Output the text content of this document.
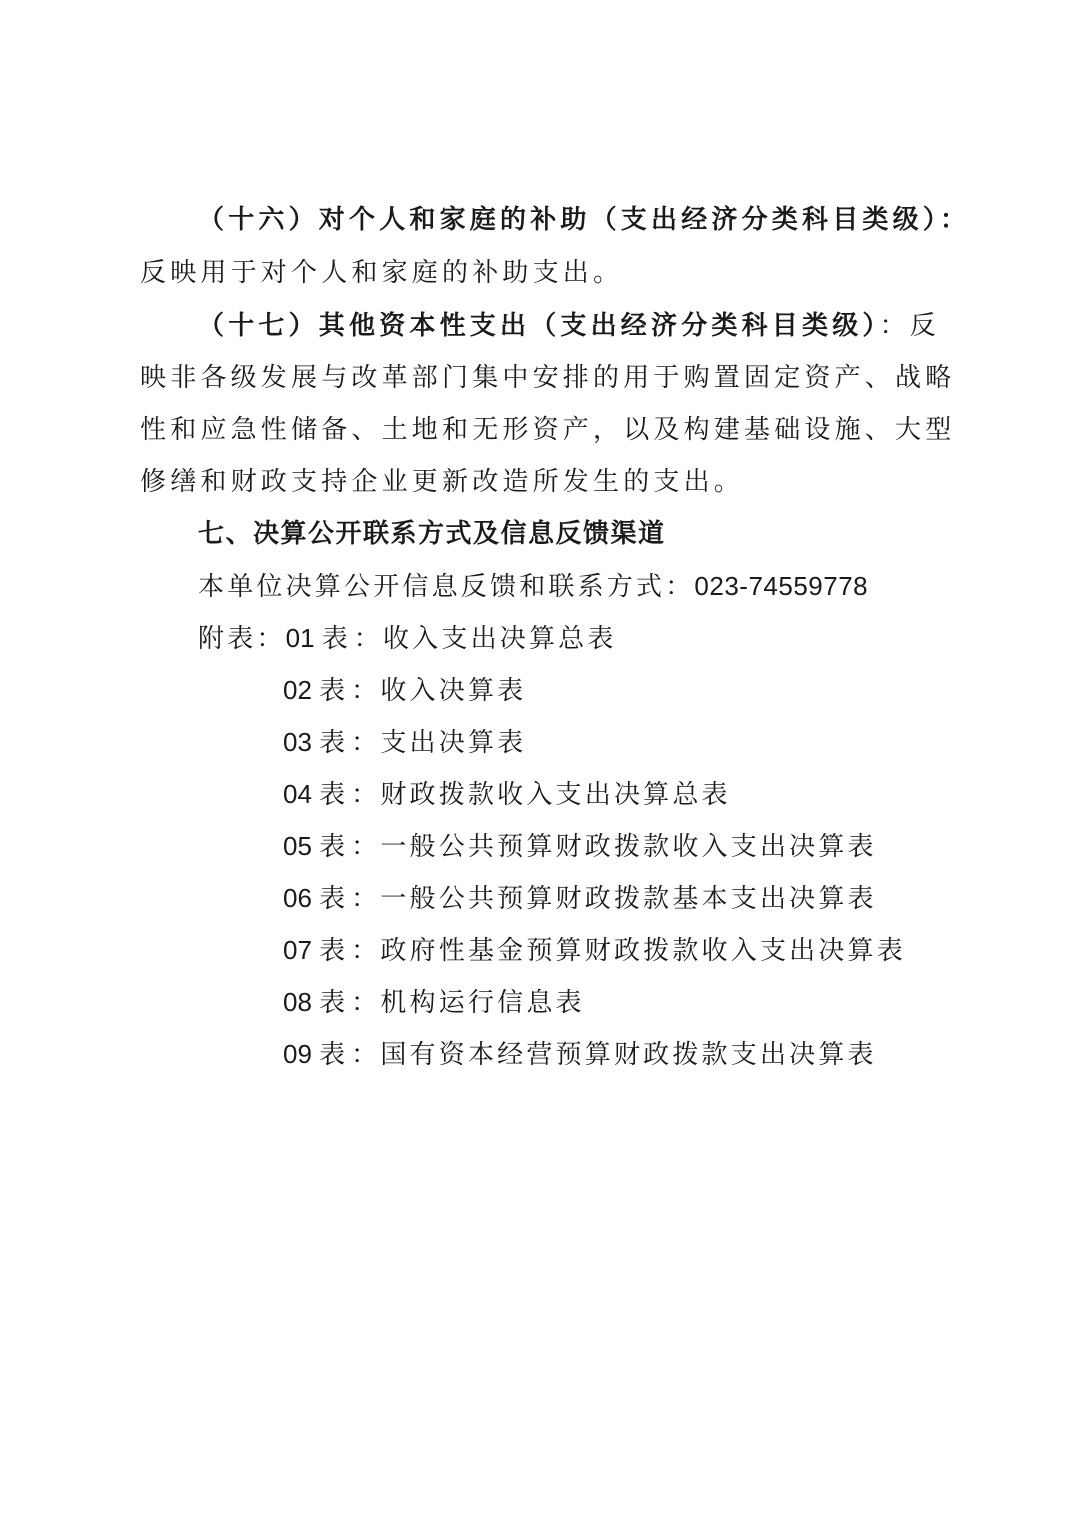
（十六）对个人和家庭的补助（支出经济分类科目类级）：
反映用于对个人和家庭的补助支出。
（十七）其他资本性支出（支出经济分类科目类级）：反
映非各级发展与改革部门集中安排的用于购置固定资产、战略
性和应急性储备、土地和无形资产，以及构建基础设施、大型
修缮和财政支持企业更新改造所发生的支出。
七、决算公开联系方式及信息反馈渠道
本单位决算公开信息反馈和联系方式：023-74559778
附表：01 表 ：收入支出决算总表
02 表 ：收入决算表
03 表 ：支出决算表
04 表 ：财政拨款收入支出决算总表
05 表 ：一般公共预算财政拨款收入支出决算表
06 表 ：一般公共预算财政拨款基本支出决算表
07 表 ：政府性基金预算财政拨款收入支出决算表
08 表 ：机构运行信息表
09 表 ：国有资本经营预算财政拨款支出决算表
